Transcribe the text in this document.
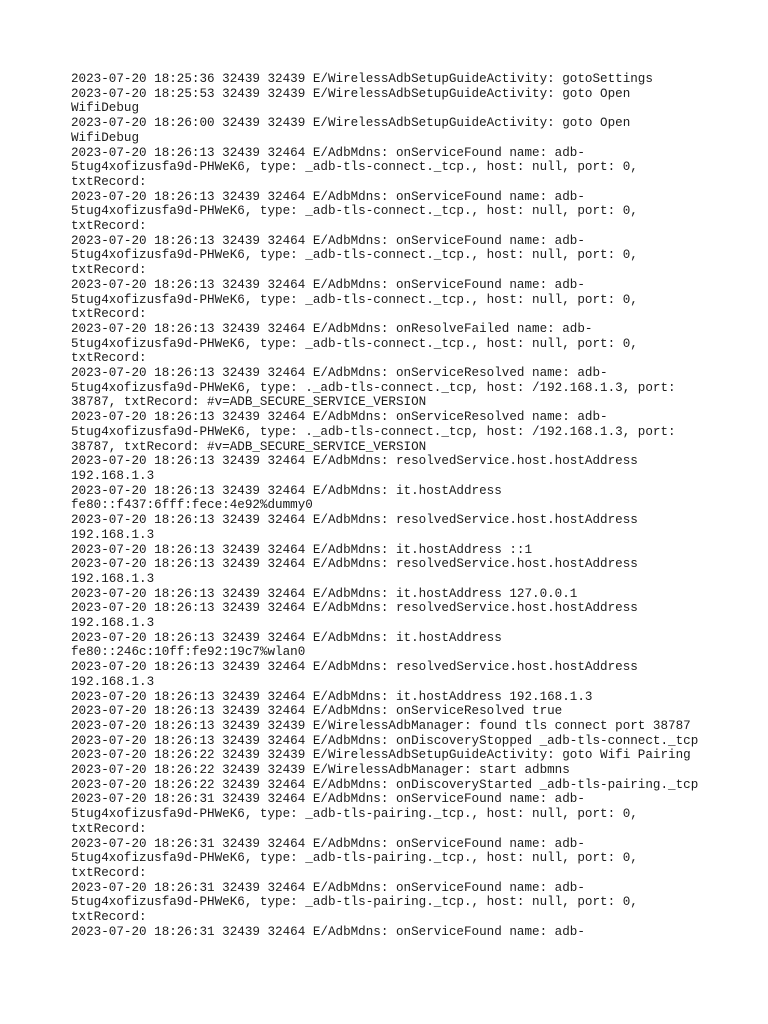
2023-07-20 18:25:36 32439 32439 E/WirelessAdbSetupGuideActivity: gotoSettings
2023-07-20 18:25:53 32439 32439 E/WirelessAdbSetupGuideActivity: goto Open
WifiDebug
2023-07-20 18:26:00 32439 32439 E/WirelessAdbSetupGuideActivity: goto Open
WifiDebug
2023-07-20 18:26:13 32439 32464 E/AdbMdns: onServiceFound name: adb-
5tug4xofizusfa9d-PHWeK6, type: _adb-tls-connect._tcp., host: null, port: 0,
txtRecord:
2023-07-20 18:26:13 32439 32464 E/AdbMdns: onServiceFound name: adb-
5tug4xofizusfa9d-PHWeK6, type: _adb-tls-connect._tcp., host: null, port: 0,
txtRecord:
2023-07-20 18:26:13 32439 32464 E/AdbMdns: onServiceFound name: adb-
5tug4xofizusfa9d-PHWeK6, type: _adb-tls-connect._tcp., host: null, port: 0,
txtRecord:
2023-07-20 18:26:13 32439 32464 E/AdbMdns: onServiceFound name: adb-
5tug4xofizusfa9d-PHWeK6, type: _adb-tls-connect._tcp., host: null, port: 0,
txtRecord:
2023-07-20 18:26:13 32439 32464 E/AdbMdns: onResolveFailed name: adb-
5tug4xofizusfa9d-PHWeK6, type: _adb-tls-connect._tcp., host: null, port: 0,
txtRecord:
2023-07-20 18:26:13 32439 32464 E/AdbMdns: onServiceResolved name: adb-
5tug4xofizusfa9d-PHWeK6, type: ._adb-tls-connect._tcp, host: /192.168.1.3, port:
38787, txtRecord: #v=ADB_SECURE_SERVICE_VERSION
2023-07-20 18:26:13 32439 32464 E/AdbMdns: onServiceResolved name: adb-
5tug4xofizusfa9d-PHWeK6, type: ._adb-tls-connect._tcp, host: /192.168.1.3, port:
38787, txtRecord: #v=ADB_SECURE_SERVICE_VERSION
2023-07-20 18:26:13 32439 32464 E/AdbMdns: resolvedService.host.hostAddress
192.168.1.3
2023-07-20 18:26:13 32439 32464 E/AdbMdns: it.hostAddress
fe80::f437:6fff:fece:4e92%dummy0
2023-07-20 18:26:13 32439 32464 E/AdbMdns: resolvedService.host.hostAddress
192.168.1.3
2023-07-20 18:26:13 32439 32464 E/AdbMdns: it.hostAddress ::1
2023-07-20 18:26:13 32439 32464 E/AdbMdns: resolvedService.host.hostAddress
192.168.1.3
2023-07-20 18:26:13 32439 32464 E/AdbMdns: it.hostAddress 127.0.0.1
2023-07-20 18:26:13 32439 32464 E/AdbMdns: resolvedService.host.hostAddress
192.168.1.3
2023-07-20 18:26:13 32439 32464 E/AdbMdns: it.hostAddress
fe80::246c:10ff:fe92:19c7%wlan0
2023-07-20 18:26:13 32439 32464 E/AdbMdns: resolvedService.host.hostAddress
192.168.1.3
2023-07-20 18:26:13 32439 32464 E/AdbMdns: it.hostAddress 192.168.1.3
2023-07-20 18:26:13 32439 32464 E/AdbMdns: onServiceResolved true
2023-07-20 18:26:13 32439 32439 E/WirelessAdbManager: found tls connect port 38787
2023-07-20 18:26:13 32439 32464 E/AdbMdns: onDiscoveryStopped _adb-tls-connect._tcp
2023-07-20 18:26:22 32439 32439 E/WirelessAdbSetupGuideActivity: goto Wifi Pairing
2023-07-20 18:26:22 32439 32439 E/WirelessAdbManager: start adbmns
2023-07-20 18:26:22 32439 32464 E/AdbMdns: onDiscoveryStarted _adb-tls-pairing._tcp
2023-07-20 18:26:31 32439 32464 E/AdbMdns: onServiceFound name: adb-
5tug4xofizusfa9d-PHWeK6, type: _adb-tls-pairing._tcp., host: null, port: 0,
txtRecord:
2023-07-20 18:26:31 32439 32464 E/AdbMdns: onServiceFound name: adb-
5tug4xofizusfa9d-PHWeK6, type: _adb-tls-pairing._tcp., host: null, port: 0,
txtRecord:
2023-07-20 18:26:31 32439 32464 E/AdbMdns: onServiceFound name: adb-
5tug4xofizusfa9d-PHWeK6, type: _adb-tls-pairing._tcp., host: null, port: 0,
txtRecord:
2023-07-20 18:26:31 32439 32464 E/AdbMdns: onServiceFound name: adb-
